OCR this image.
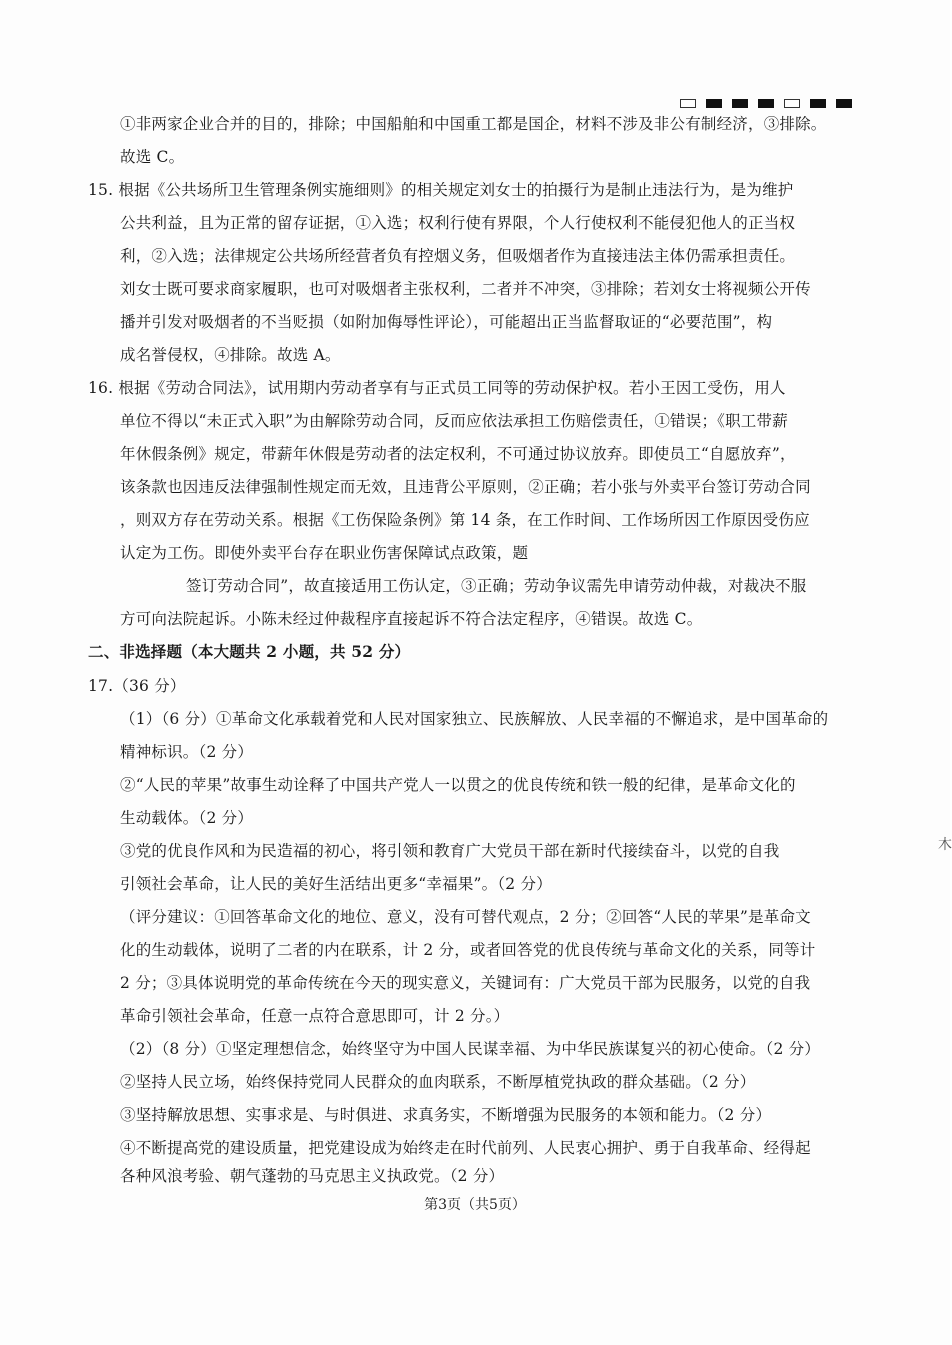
①非两家企业合并的目的，排除；中国船舶和中国重工都是国企，材料不涉及非公有制经济，③排除。
故选 C。
15. 根据《公共场所卫生管理条例实施细则》的相关规定刘女士的拍摄行为是制止违法行为，是为维护
公共利益，且为正常的留存证据，①入选；权利行使有界限，个人行使权利不能侵犯他人的正当权
利，②入选；法律规定公共场所经营者负有控烟义务，但吸烟者作为直接违法主体仍需承担责任。
刘女士既可要求商家履职，也可对吸烟者主张权利，二者并不冲突，③排除；若刘女士将视频公开传
播并引发对吸烟者的不当贬损（如附加侮辱性评论），可能超出正当监督取证的“必要范围”，构
成名誉侵权，④排除。故选 A。
16. 根据《劳动合同法》，试用期内劳动者享有与正式员工同等的劳动保护权。若小王因工受伤，用人
单位不得以“未正式入职”为由解除劳动合同，反而应依法承担工伤赔偿责任，①错误；《职工带薪
年休假条例》规定，带薪年休假是劳动者的法定权利，不可通过协议放弃。即使员工“自愿放弃”，
该条款也因违反法律强制性规定而无效，且违背公平原则，②正确；若小张与外卖平台签订劳动合同
，则双方存在劳动关系。根据《工伤保险条例》第 14 条，在工作时间、工作场所因工作原因受伤应
认定为工伤。即使外卖平台存在职业伤害保障试点政策，题
签订劳动合同”，故直接适用工伤认定，③正确；劳动争议需先申请劳动仲裁，对裁决不服
方可向法院起诉。小陈未经过仲裁程序直接起诉不符合法定程序，④错误。故选 C。
二、非选择题（本大题共 2 小题，共 52 分）
17.（36 分）
（1）（6 分）①革命文化承载着党和人民对国家独立、民族解放、人民幸福的不懈追求，是中国革命的
精神标识。（2 分）
②“人民的苹果”故事生动诠释了中国共产党人一以贯之的优良传统和铁一般的纪律，是革命文化的
生动载体。（2 分）
③党的优良作风和为民造福的初心，将引领和教育广大党员干部在新时代接续奋斗，以党的自我
引领社会革命，让人民的美好生活结出更多“幸福果”。（2 分）
（评分建议：①回答革命文化的地位、意义，没有可替代观点，2 分；②回答“人民的苹果”是革命文
化的生动载体，说明了二者的内在联系，计 2 分，或者回答党的优良传统与革命文化的关系，同等计
2 分；③具体说明党的革命传统在今天的现实意义，关键词有：广大党员干部为民服务，以党的自我
革命引领社会革命，任意一点符合意思即可，计 2 分。）
（2）（8 分）①坚定理想信念，始终坚守为中国人民谋幸福、为中华民族谋复兴的初心使命。（2 分）
②坚持人民立场，始终保持党同人民群众的血肉联系，不断厚植党执政的群众基础。（2 分）
③坚持解放思想、实事求是、与时俱进、求真务实，不断增强为民服务的本领和能力。（2 分）
④不断提高党的建设质量，把党建设成为始终走在时代前列、人民衷心拥护、勇于自我革命、经得起
各种风浪考验、朝气蓬勃的马克思主义执政党。（2 分）
木
第3页（共5页）
